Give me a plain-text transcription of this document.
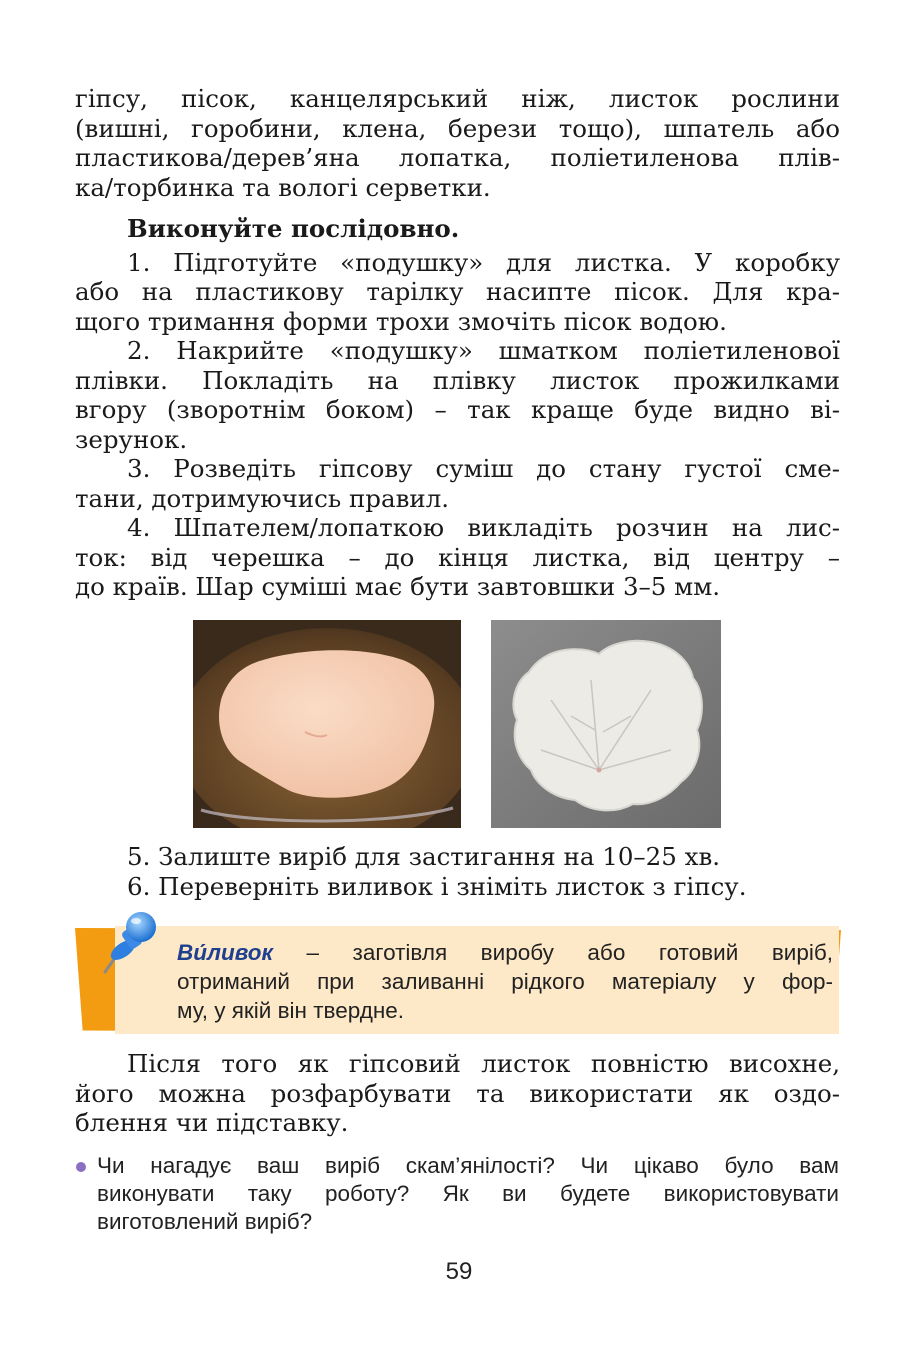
гіпсу, пісок, канцелярський ніж, листок рослини

(вишні, горобини, клена, берези тощо), шпатель або

пластикова/дерев’яна лопатка, поліетиленова плів-

ка/торбинка та вологі серветки.

Виконуйте послідовно.

1. Підготуйте «подушку» для листка. У коробку

або на пластикову тарілку насипте пісок. Для кра-

щого тримання форми трохи змочіть пісок водою.

2. Накрийте «подушку» шматком поліетиленової

плівки. Покладіть на плівку листок прожилками

вгору (зворотнім боком) – так краще буде видно ві-

зерунок.

3. Розведіть гіпсову суміш до стану густої сме-

тани, дотримуючись правил.

4. Шпателем/лопаткою викладіть розчин на лис-

ток: від черешка – до кінця листка, від центру –

до країв. Шар суміші має бути завтовшки 3–5 мм.

5. Залиште виріб для застигання на 10–25 хв.

6. Переверніть виливок і зніміть листок з гіпсу.

Ви́ливок – заготівля виробу або готовий виріб,
отриманий при заливанні рідкого матеріалу у фор-
му, у якій він твердне.

Після того як гіпсовий листок повністю висохне,

його можна розфарбувати та використати як оздо-

блення чи підставку.

Чи нагадує ваш виріб скам’янілості? Чи цікаво було вам
виконувати таку роботу? Як ви будете використовувати
виготовлений виріб?
59
